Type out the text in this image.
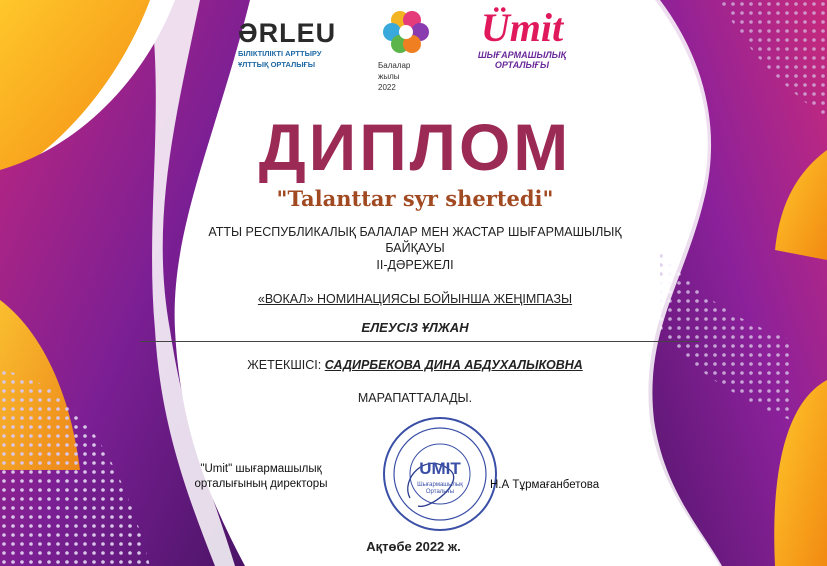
ƏRLEU
БІЛІКТІЛІКТІ АРТТЫРУ
ҰЛТТЫҚ ОРТАЛЫҒЫ	Балалар
жылы
2022
Ümit
ШЫҒАРМАШЫЛЫҚ
ОРТАЛЫҒЫ
ДИПЛОМ
"Talanttar syr shertedi"
АТТЫ РЕСПУБЛИКАЛЫҚ БАЛАЛАР МЕН ЖАСТАР ШЫҒАРМАШЫЛЫҚ БАЙҚАУЫ
ІІ-ДӘРЕЖЕЛІ
«ВОКАЛ» НОМИНАЦИЯСЫ БОЙЫНША ЖЕҢІМПАЗЫ
ЕЛЕУСІЗ ҰЛЖАН
ЖЕТЕКШІСІ: САДИРБЕКОВА ДИНА АБДУХАЛЫКОВНА
МАРАПАТТАЛАДЫ.
UMIT
Шығармашылық
Орталығы
"Umit" шығармашылық
орталығының директоры	Н.А Тұрмағанбетова
Ақтөбе 2022 ж.
